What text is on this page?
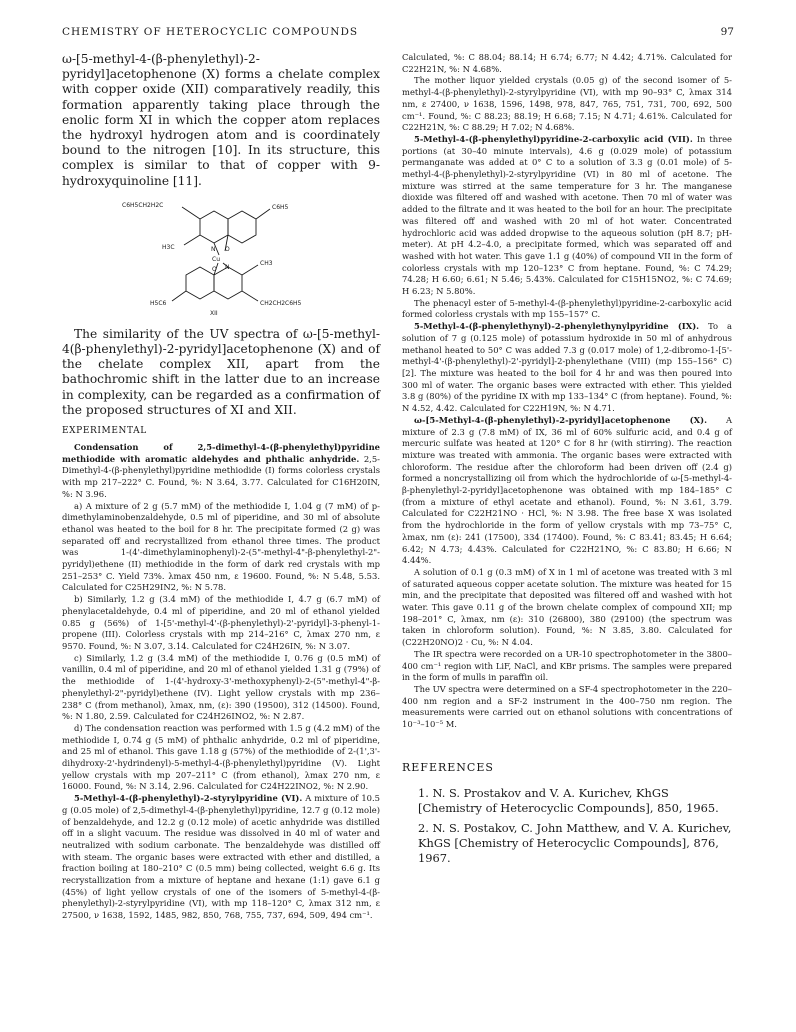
CHEMISTRY OF HETEROCYCLIC COMPOUNDS	97

ω-[5-methyl-4-(β-phenylethyl)-2-pyridyl]acetophenone (X) forms a chelate complex with copper oxide (XII) comparatively readily, this formation apparently taking place through the enolic form XI in which the copper atom replaces the hydroxyl hydrogen atom and is coordinately bound to the nitrogen [10]. In its structure, this complex is similar to that of copper with 9-hydroxyquinoline [11].

C6H5CH2H2C	C6H5
H3C
CH3
Cu
N O
N
O
H5C6	CH2CH2C6H5
XII

The similarity of the UV spectra of ω-[5-methyl-4(β-phenylethyl)-2-pyridyl]acetophenone (X) and of the chelate complex XII, apart from the bathochromic shift in the latter due to an increase in complexity, can be regarded as a confirmation of the proposed structures of XI and XII.

EXPERIMENTAL

Condensation of 2,5-dimethyl-4-(β-phenylethyl)pyridine methiodide with aromatic aldehydes and phthalic anhydride. 2,5-Dimethyl-4-(β-phenylethyl)pyridine methiodide (I) forms colorless crystals with mp 217–222° C. Found, %: N 3.64, 3.77. Calculated for C16H20IN, %: N 3.96.

a) A mixture of 2 g (5.7 mM) of the methiodide I, 1.04 g (7 mM) of p-dimethylaminobenzaldehyde, 0.5 ml of piperidine, and 30 ml of absolute ethanol was heated to the boil for 8 hr. The precipitate formed (2 g) was separated off and recrystallized from ethanol three times. The product was 1-(4'-dimethylaminophenyl)-2-(5"-methyl-4"-β-phenylethyl-2"-pyridyl)ethene (II) methiodide in the form of dark red crystals with mp 251–253° C. Yield 73%. λmax 450 nm, ε 19600. Found, %: N 5.48, 5.53. Calculated for C25H29IN2, %: N 5.78.

b) Similarly, 1.2 g (3.4 mM) of the methiodide I, 4.7 g (6.7 mM) of phenylacetaldehyde, 0.4 ml of piperidine, and 20 ml of ethanol yielded 0.85 g (56%) of 1-[5'-methyl-4'-(β-phenylethyl)-2'-pyridyl]-3-phenyl-1-propene (III). Colorless crystals with mp 214–216° C, λmax 270 nm, ε 9570. Found, %: N 3.07, 3.14. Calculated for C24H26IN, %: N 3.07.

c) Similarly, 1.2 g (3.4 mM) of the methiodide I, 0.76 g (0.5 mM) of vanillin, 0.4 ml of piperidine, and 20 ml of ethanol yielded 1.31 g (79%) of the methiodide of 1-(4'-hydroxy-3'-methoxyphenyl)-2-(5"-methyl-4"-β-phenylethyl-2"-pyridyl)ethene (IV). Light yellow crystals with mp 236–238° C (from methanol), λmax, nm, (ε): 390 (19500), 312 (14500). Found, %: N 1.80, 2.59. Calculated for C24H26INO2, %: N 2.87.

d) The condensation reaction was performed with 1.5 g (4.2 mM) of the methiodide I, 0.74 g (5 mM) of phthalic anhydride, 0.2 ml of piperidine, and 25 ml of ethanol. This gave 1.18 g (57%) of the methiodide of 2-(1',3'-dihydroxy-2'-hydrindenyl)-5-methyl-4-(β-phenylethyl)pyridine (V). Light yellow crystals with mp 207–211° C (from ethanol), λmax 270 nm, ε 16000. Found, %: N 3.14, 2.96. Calculated for C24H22INO2, %: N 2.90.

5-Methyl-4-(β-phenylethyl)-2-styrylpyridine (VI). A mixture of 10.5 g (0.05 mole) of 2,5-dimethyl-4-(β-phenylethyl)pyridine, 12.7 g (0.12 mole) of benzaldehyde, and 12.2 g (0.12 mole) of acetic anhydride was distilled off in a slight vacuum. The residue was dissolved in 40 ml of water and neutralized with sodium carbonate. The benzaldehyde was distilled off with steam. The organic bases were extracted with ether and distilled, a fraction boiling at 180–210° C (0.5 mm) being collected, weight 6.6 g. Its recrystallization from a mixture of heptane and hexane (1:1) gave 6.1 g (45%) of light yellow crystals of one of the isomers of 5-methyl-4-(β-phenylethyl)-2-styrylpyridine (VI), with mp 118–120° C, λmax 312 nm, ε 27500, ν 1638, 1592, 1485, 982, 850, 768, 755, 737, 694, 509, 494 cm⁻¹.

Calculated, %: C 88.04; 88.14; H 6.74; 6.77; N 4.42; 4.71%. Calculated for C22H21N, %: N 4.68%.

The mother liquor yielded crystals (0.05 g) of the second isomer of 5-methyl-4-(β-phenylethyl)-2-styrylpyridine (VI), with mp 90–93° C, λmax 314 nm, ε 27400, ν 1638, 1596, 1498, 978, 847, 765, 751, 731, 700, 692, 500 cm⁻¹. Found, %: C 88.23; 88.19; H 6.68; 7.15; N 4.71; 4.61%. Calculated for C22H21N, %: C 88.29; H 7.02; N 4.68%.

5-Methyl-4-(β-phenylethyl)pyridine-2-carboxylic acid (VII). In three portions (at 30–40 minute intervals), 4.6 g (0.029 mole) of potassium permanganate was added at 0° C to a solution of 3.3 g (0.01 mole) of 5-methyl-4-(β-phenylethyl)-2-styrylpyridine (VI) in 80 ml of acetone. The mixture was stirred at the same temperature for 3 hr. The manganese dioxide was filtered off and washed with acetone. Then 70 ml of water was added to the filtrate and it was heated to the boil for an hour. The precipitate was filtered off and washed with 20 ml of hot water. Concentrated hydrochloric acid was added dropwise to the aqueous solution (pH 8.7; pH-meter). At pH 4.2–4.0, a precipitate formed, which was separated off and washed with hot water. This gave 1.1 g (40%) of compound VII in the form of colorless crystals with mp 120–123° C from heptane. Found, %: C 74.29; 74.28; H 6.60; 6.61; N 5.46; 5.43%. Calculated for C15H15NO2, %: C 74.69; H 6.23; N 5.80%.

The phenacyl ester of 5-methyl-4-(β-phenylethyl)pyridine-2-carboxylic acid formed colorless crystals with mp 155–157° C.

5-Methyl-4-(β-phenylethynyl)-2-phenylethynylpyridine (IX). To a solution of 7 g (0.125 mole) of potassium hydroxide in 50 ml of anhydrous methanol heated to 50° C was added 7.3 g (0.017 mole) of 1,2-dibromo-1-[5'-methyl-4'-(β-phenylethyl)-2'-pyridyl]-2-phenylethane (VIII) (mp 155–156° C) [2]. The mixture was heated to the boil for 4 hr and was then poured into 300 ml of water. The organic bases were extracted with ether. This yielded 3.8 g (80%) of the pyridine IX with mp 133–134° C (from heptane). Found, %: N 4.52, 4.42. Calculated for C22H19N, %: N 4.71.

ω-[5-Methyl-4-(β-phenylethyl)-2-pyridyl]acetophenone (X). A mixture of 2.3 g (7.8 mM) of IX, 36 ml of 60% sulfuric acid, and 0.4 g of mercuric sulfate was heated at 120° C for 8 hr (with stirring). The reaction mixture was treated with ammonia. The organic bases were extracted with chloroform. The residue after the chloroform had been driven off (2.4 g) formed a noncrystallizing oil from which the hydrochloride of ω-[5-methyl-4-β-phenylethyl-2-pyridyl]acetophenone was obtained with mp 184–185° C (from a mixture of ethyl acetate and ethanol). Found, %: N 3.61, 3.79. Calculated for C22H21NO · HCl, %: N 3.98. The free base X was isolated from the hydrochloride in the form of yellow crystals with mp 73–75° C, λmax, nm (ε): 241 (17500), 334 (17400). Found, %: C 83.41; 83.45; H 6.64; 6.42; N 4.73; 4.43%. Calculated for C22H21NO, %: C 83.80; H 6.66; N 4.44%.

A solution of 0.1 g (0.3 mM) of X in 1 ml of acetone was treated with 3 ml of saturated aqueous copper acetate solution. The mixture was heated for 15 min, and the precipitate that deposited was filtered off and washed with hot water. This gave 0.11 g of the brown chelate complex of compound XII; mp 198–201° C, λmax, nm (ε): 310 (26800), 380 (29100) (the spectrum was taken in chloroform solution). Found, %: N 3.85, 3.80. Calculated for (C22H20NO)2 · Cu, %: N 4.04.

The IR spectra were recorded on a UR-10 spectrophotometer in the 3800–400 cm⁻¹ region with LiF, NaCl, and KBr prisms. The samples were prepared in the form of mulls in paraffin oil.

The UV spectra were determined on a SF-4 spectrophotometer in the 220–400 nm region and a SF-2 instrument in the 400–750 nm region. The measurements were carried out on ethanol solutions with concentrations of 10⁻³–10⁻⁵ M.

REFERENCES

1. N. S. Prostakov and V. A. Kurichev, KhGS [Chemistry of Heterocyclic Compounds], 850, 1965.

2. N. S. Postakov, C. John Matthew, and V. A. Kurichev, KhGS [Chemistry of Heterocyclic Compounds], 876, 1967.
